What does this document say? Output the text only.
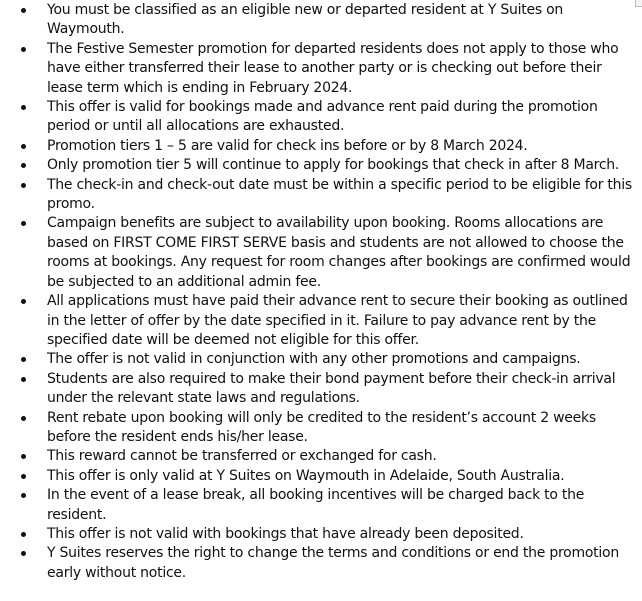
You must be classified as an eligible new or departed resident at Y Suites on Waymouth.
The Festive Semester promotion for departed residents does not apply to those who have either transferred their lease to another party or is checking out before their lease term which is ending in February 2024.
This offer is valid for bookings made and advance rent paid during the promotion period or until all allocations are exhausted.
Promotion tiers 1 – 5 are valid for check ins before or by 8 March 2024.
Only promotion tier 5 will continue to apply for bookings that check in after 8 March.
The check-in and check-out date must be within a specific period to be eligible for this promo.
Campaign benefits are subject to availability upon booking. Rooms allocations are based on FIRST COME FIRST SERVE basis and students are not allowed to choose the rooms at bookings. Any request for room changes after bookings are confirmed would be subjected to an additional admin fee.
All applications must have paid their advance rent to secure their booking as outlined in the letter of offer by the date specified in it. Failure to pay advance rent by the specified date will be deemed not eligible for this offer.
The offer is not valid in conjunction with any other promotions and campaigns.
Students are also required to make their bond payment before their check-in arrival under the relevant state laws and regulations.
Rent rebate upon booking will only be credited to the resident’s account 2 weeks before the resident ends his/her lease.
This reward cannot be transferred or exchanged for cash.
This offer is only valid at Y Suites on Waymouth in Adelaide, South Australia.
In the event of a lease break, all booking incentives will be charged back to the resident.
This offer is not valid with bookings that have already been deposited.
Y Suites reserves the right to change the terms and conditions or end the promotion early without notice.
